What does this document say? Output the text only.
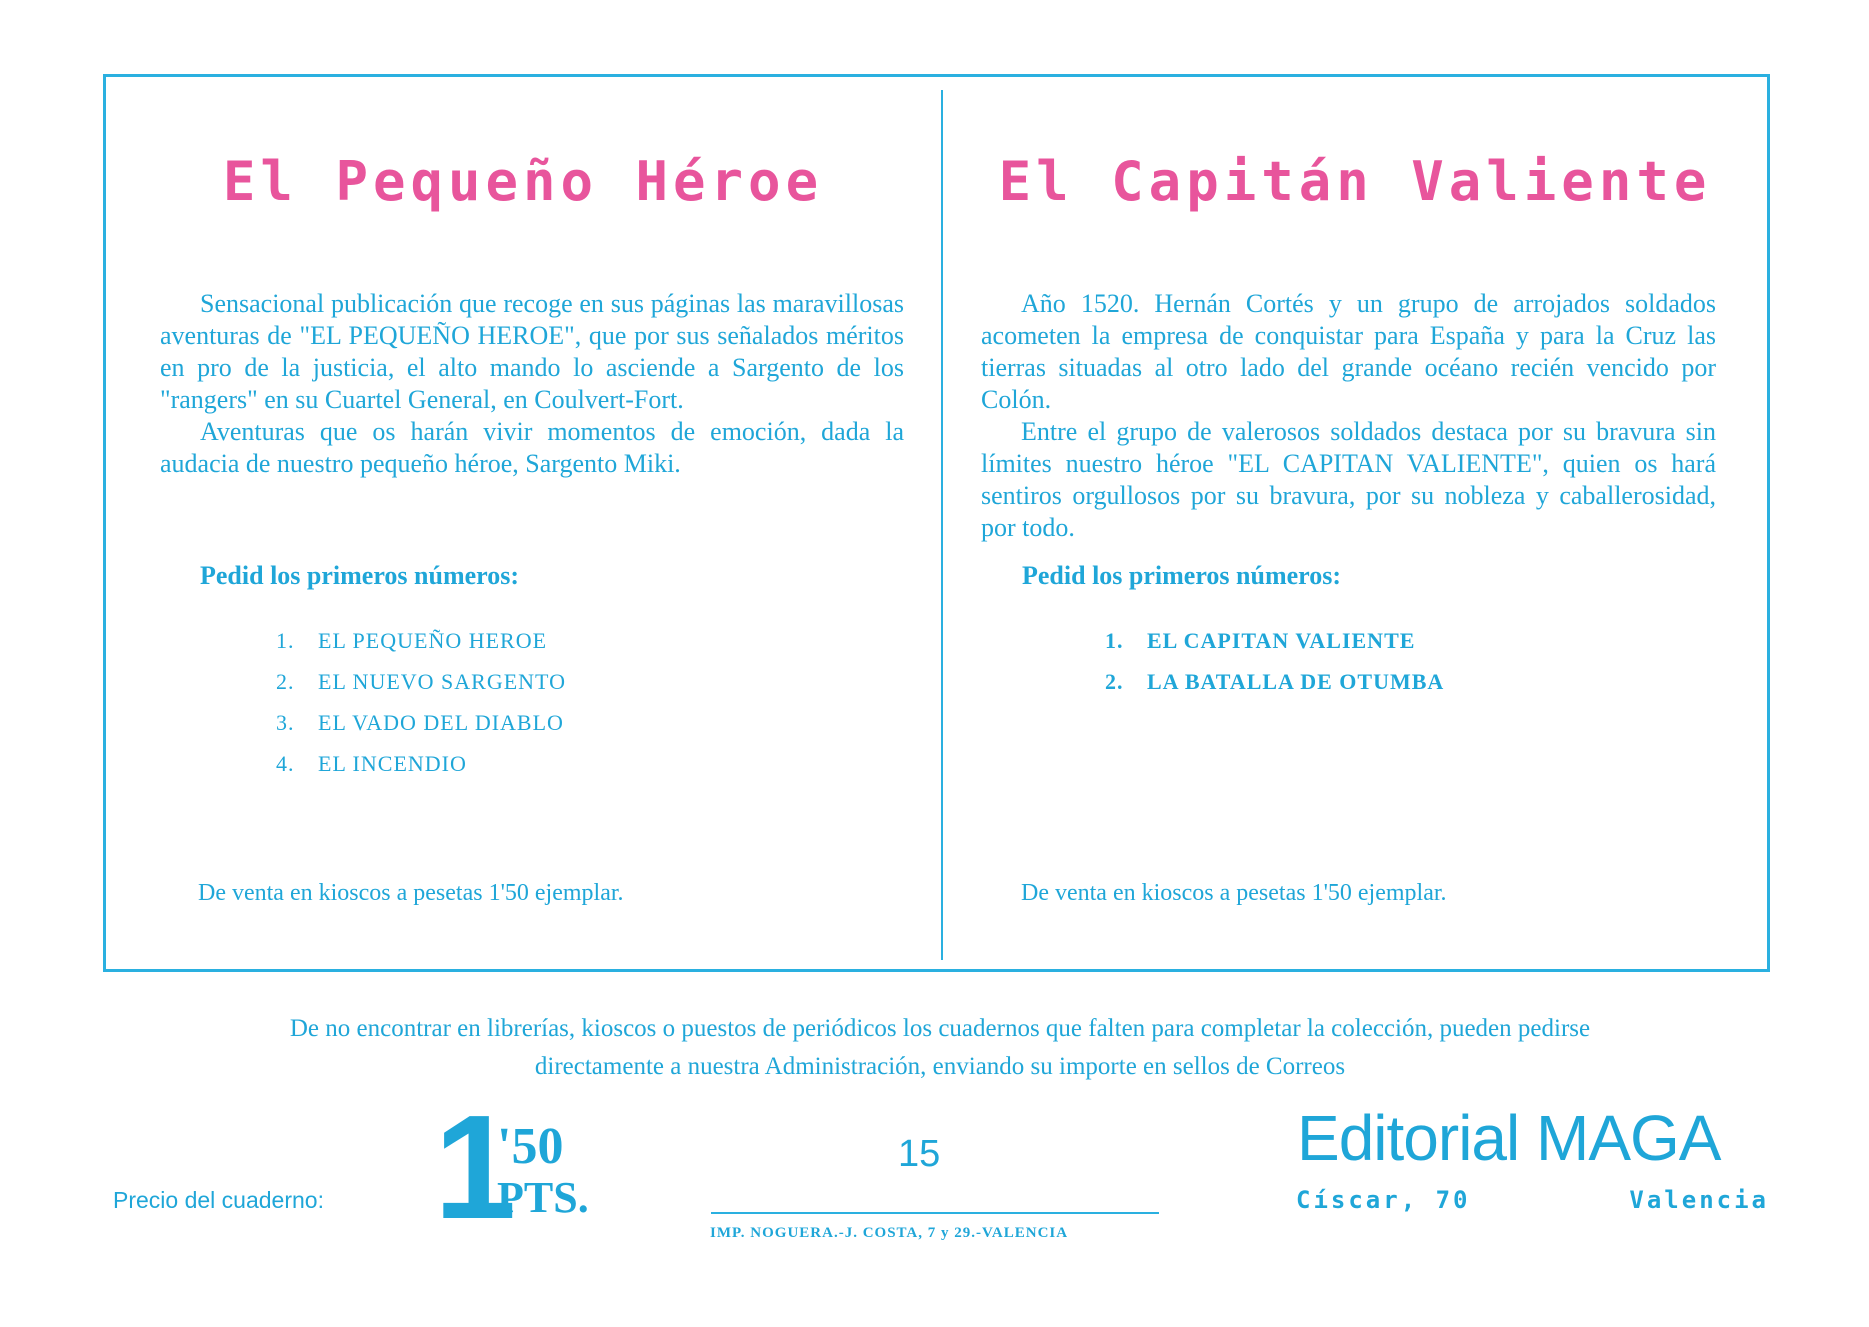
El Pequeño Héroe

Sensacional publicación que recoge en sus páginas las maravillosas aventuras de "EL PEQUEÑO HEROE", que por sus señalados méritos en pro de la justicia, el alto mando lo asciende a Sargento de los "rangers" en su Cuartel General, en Coulvert-Fort.

Aventuras que os harán vivir momentos de emoción, dada la audacia de nuestro pequeño héroe, Sargento Miki.

Pedid los primeros números:
1. EL PEQUEÑO HEROE
2. EL NUEVO SARGENTO
3. EL VADO DEL DIABLO
4. EL INCENDIO
De venta en kioscos a pesetas 1'50 ejemplar.
El Capitán Valiente

Año 1520. Hernán Cortés y un grupo de arrojados soldados acometen la empresa de conquistar para España y para la Cruz las tierras situadas al otro lado del grande océano recién vencido por Colón.

Entre el grupo de valerosos soldados destaca por su bravura sin límites nuestro héroe "EL CAPITAN VALIENTE", quien os hará sentiros orgullosos por su bravura, por su nobleza y caballerosidad, por todo.

Pedid los primeros números:
1. EL CAPITAN VALIENTE
2. LA BATALLA DE OTUMBA
De venta en kioscos a pesetas 1'50 ejemplar.
De no encontrar en librerías, kioscos o puestos de periódicos los cuadernos que falten para completar la colección, pueden pedirse
directamente a nuestra Administración, enviando su importe en sellos de Correos
Precio del cuaderno: 1
'50
PTS.
15
IMP. NOGUERA.-J. COSTA, 7 y 29.-VALENCIA
Editorial MAGA
Císcar, 70	Valencia
